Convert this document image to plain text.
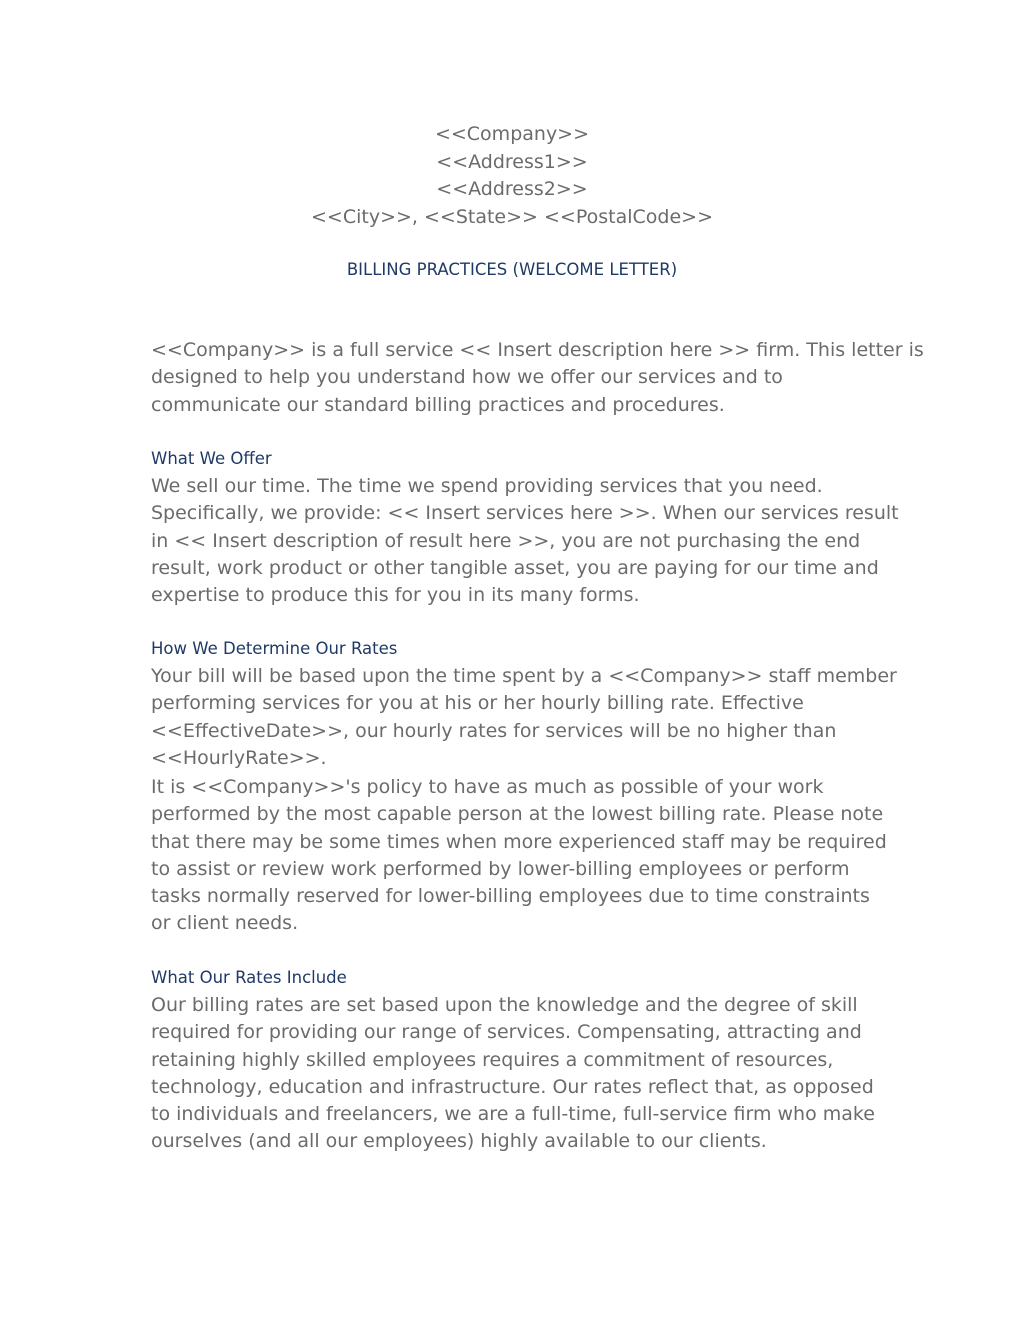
<<Company>>
<<Address1>>
<<Address2>>
<<City>>, <<State>> <<PostalCode>>
BILLING PRACTICES (WELCOME LETTER)
<<Company>> is a full service << Insert description here >> firm. This letter is
designed to help you understand how we offer our services and to
communicate our standard billing practices and procedures.
What We Offer
We sell our time. The time we spend providing services that you need.
Specifically, we provide: << Insert services here >>. When our services result
in << Insert description of result here >>, you are not purchasing the end
result, work product or other tangible asset, you are paying for our time and
expertise to produce this for you in its many forms.
How We Determine Our Rates
Your bill will be based upon the time spent by a <<Company>> staff member
performing services for you at his or her hourly billing rate. Effective
<<EffectiveDate>>, our hourly rates for services will be no higher than
<<HourlyRate>>.
It is <<Company>>'s policy to have as much as possible of your work
performed by the most capable person at the lowest billing rate. Please note
that there may be some times when more experienced staff may be required
to assist or review work performed by lower-billing employees or perform
tasks normally reserved for lower-billing employees due to time constraints
or client needs.
What Our Rates Include
Our billing rates are set based upon the knowledge and the degree of skill
required for providing our range of services. Compensating, attracting and
retaining highly skilled employees requires a commitment of resources,
technology, education and infrastructure. Our rates reflect that, as opposed
to individuals and freelancers, we are a full-time, full-service firm who make
ourselves (and all our employees) highly available to our clients.
